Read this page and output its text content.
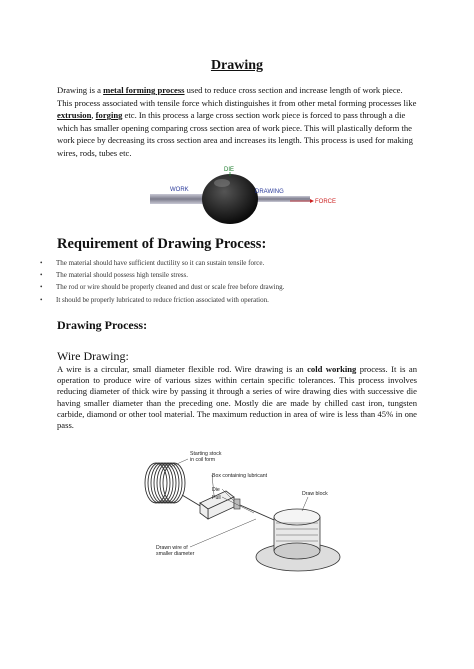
Drawing
Drawing is a metal forming process used to reduce cross section and increase length of work piece. This process associated with tensile force which distinguishes it from other metal forming processes like extrusion, forging etc. In this process a large cross section work piece is forced to pass through a die which has smaller opening comparing cross section area of work piece. This will plastically deform the work piece by decreasing its cross section area and increases its length. This process is used for making wires, rods, tubes etc.
DIE
WORK	DRAWING
FORCE
Requirement of Drawing Process:
• The material should have sufficient ductility so it can sustain tensile force.
• The material should possess high tensile stress.
• The rod or wire should be properly cleaned and dust or scale free before drawing.
• It should be properly lubricated to reduce friction associated with operation.
Drawing Process:
Wire Drawing:
A wire is a circular, small diameter flexible rod. Wire drawing is an cold working process. It is an operation to produce wire of various sizes within certain specific tolerances. This process involves reducing diameter of thick wire by passing it through a series of wire drawing dies with successive die having smaller diameter than the preceding one. Mostly die are made by chilled cast iron, tungsten carbide, diamond or other tool material. The maximum reduction in area of wire is less than 45% in one pass.
Starting stock
in coil form
Box containing lubricant
Die
Pull
Draw block
Drawn wire of
smaller diameter
